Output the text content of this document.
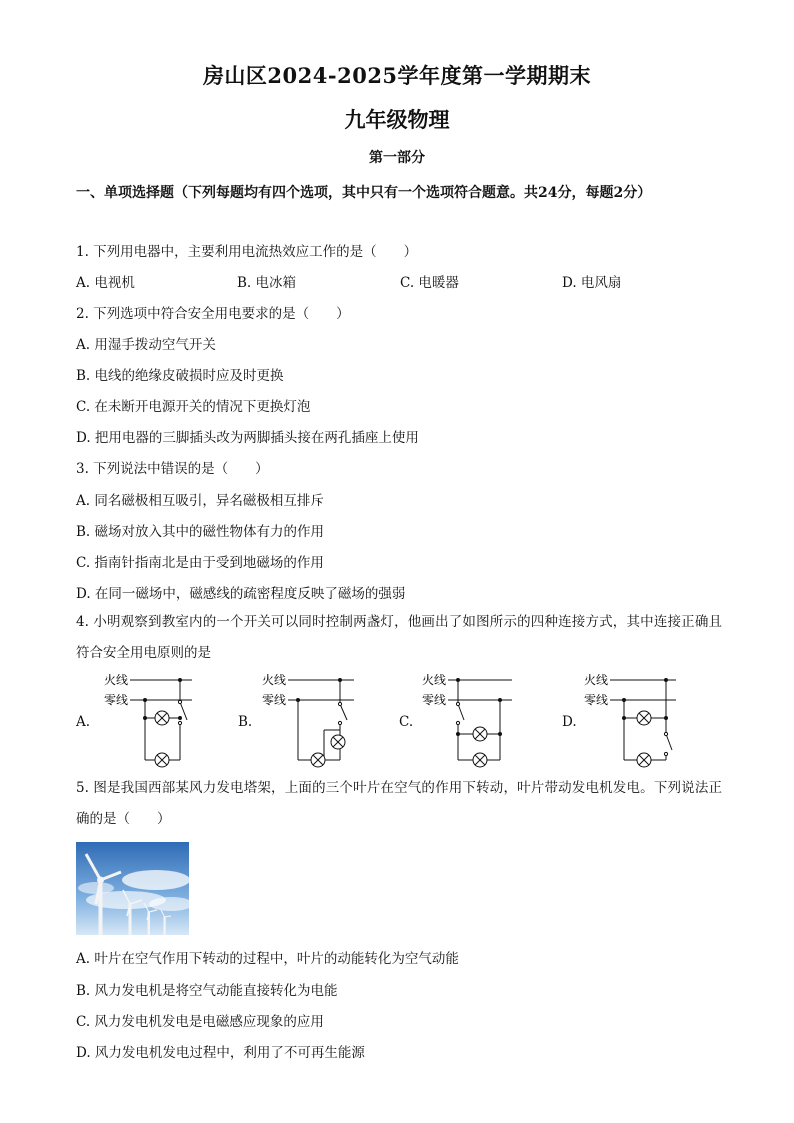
房山区2024-2025学年度第一学期期末
九年级物理
第一部分
一、单项选择题（下列每题均有四个选项，其中只有一个选项符合题意。共24分，每题2分）
1. 下列用电器中，主要利用电流热效应工作的是（　　）
A. 电视机	B. 电冰箱	C. 电暖器	D. 电风扇
2. 下列选项中符合安全用电要求的是（　　）
A. 用湿手拨动空气开关
B. 电线的绝缘皮破损时应及时更换
C. 在未断开电源开关的情况下更换灯泡
D. 把用电器的三脚插头改为两脚插头接在两孔插座上使用
3. 下列说法中错误的是（　　）
A. 同名磁极相互吸引，异名磁极相互排斥
B. 磁场对放入其中的磁性物体有力的作用
C. 指南针指南北是由于受到地磁场的作用
D. 在同一磁场中，磁感线的疏密程度反映了磁场的强弱
4. 小明观察到教室内的一个开关可以同时控制两盏灯，他画出了如图所示的四种连接方式，其中连接正确且符合安全用电原则的是
A.
火线
零线
B.
火线
零线
C.
火线
零线
D.
火线
零线
5. 图是我国西部某风力发电塔架，上面的三个叶片在空气的作用下转动，叶片带动发电机发电。下列说法正确的是（　　）
A. 叶片在空气作用下转动的过程中，叶片的动能转化为空气动能
B. 风力发电机是将空气动能直接转化为电能
C. 风力发电机发电是电磁感应现象的应用
D. 风力发电机发电过程中，利用了不可再生能源
